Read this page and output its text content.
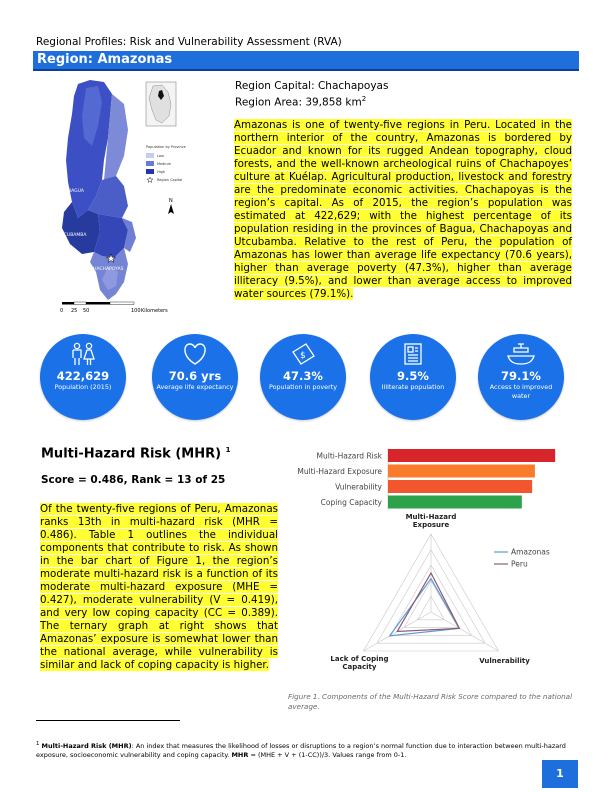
Regional Profiles: Risk and Vulnerability Assessment (RVA)
Region: Amazonas
BAGUA
UTCUBAMBA
CHACHAPOYAS
Population by Province
Low
Medium
High
Region Capital
N
0 25 50	100 Kilometers
Region Capital: Chachapoyas
Region Area: 39,858 $km^2$
Amazonas is one of twenty-five regions in Peru. Located in the northern interior of the country, Amazonas is bordered by Ecuador and known for its rugged Andean topography, cloud forests, and the well-known archeological ruins of Chachapoyes’ culture at Kuélap. Agricultural production, livestock and forestry are the predominate economic activities. Chachapoyas is the region’s capital. As of 2015, the region’s population was estimated at 422,629; with the highest percentage of its population residing in the provinces of Bagua, Chachapoyas and Utcubamba. Relative to the rest of Peru, the population of Amazonas has lower than average life expectancy (70.6 years), higher than average poverty (47.3%), higher than average illiteracy (9.5%), and lower than average access to improved water sources (79.1%).
422,629
Population (2015)
70.6 yrs
Average life expectancy
$
47.3%
Population in poverty
9.5%
Illiterate population
79.1%
Access to improved water
Multi-Hazard Risk (MHR) $^1$
Score = 0.486, Rank = 13 of 25
Of the twenty-five regions of Peru, Amazonas ranks 13th in multi-hazard risk (MHR = 0.486). Table 1 outlines the individual components that contribute to risk. As shown in the bar chart of Figure 1, the region’s moderate multi-hazard risk is a function of its moderate multi-hazard exposure (MHE = 0.427), moderate vulnerability (V = 0.419), and very low coping capacity (CC = 0.389). The ternary graph at right shows that Amazonas’ exposure is somewhat lower than the national average, while vulnerability is similar and lack of coping capacity is higher.
Multi-Hazard Risk
Multi-Hazard Exposure
Vulnerability
Coping Capacity
Multi-Hazard
Exposure
Vulnerability
Lack of Coping
Capacity
Amazonas
Peru
Figure 1. Components of the Multi-Hazard Risk Score compared to the national average.
$^1$ Multi-Hazard Risk (MHR): An index that measures the likelihood of losses or disruptions to a region’s normal function due to interaction between multi-hazard exposure, socioeconomic vulnerability and coping capacity. MHR = (MHE + V + (1-CC))/3. Values range from 0-1.
1
